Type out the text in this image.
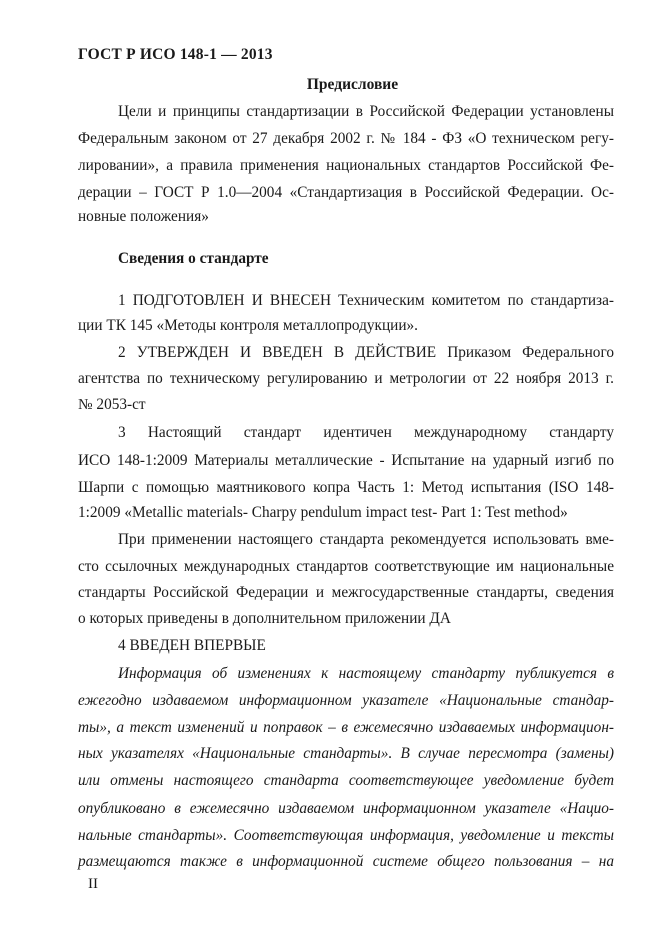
ГОСТ Р ИСО 148-1 — 2013
Предисловие
Цели и принципы стандартизации в Российской Федерации установлены
Федеральным законом от 27 декабря 2002 г. № 184 - ФЗ «О техническом регу-
лировании», а правила применения национальных стандартов Российской Фе-
дерации – ГОСТ Р 1.0—2004 «Стандартизация в Российской Федерации. Ос-
новные положения»
Сведения о стандарте
1 ПОДГОТОВЛЕН И ВНЕСЕН Техническим комитетом по стандартиза-
ции ТК 145 «Методы контроля металлопродукции».
2 УТВЕРЖДЕН И ВВЕДЕН В ДЕЙСТВИЕ Приказом Федерального
агентства по техническому регулированию и метрологии от 22 ноября 2013 г.
№ 2053-ст
3 Настоящий стандарт идентичен международному стандарту
ИСО 148-1:2009 Материалы металлические - Испытание на ударный изгиб по
Шарпи с помощью маятникового копра Часть 1: Метод испытания (ISO 148-
1:2009 «Metallic materials- Charpy pendulum impact test- Part 1: Test method»
При применении настоящего стандарта рекомендуется использовать вме-
сто ссылочных международных стандартов соответствующие им национальные
стандарты Российской Федерации и межгосударственные стандарты, сведения
о которых приведены в дополнительном приложении ДА
4 ВВЕДЕН ВПЕРВЫЕ
Информация об изменениях к настоящему стандарту публикуется в
ежегодно издаваемом информационном указателе «Национальные стандар-
ты», а текст изменений и поправок – в ежемесячно издаваемых информацион-
ных указателях «Национальные стандарты». В случае пересмотра (замены)
или отмены настоящего стандарта соответствующее уведомление будет
опубликовано в ежемесячно издаваемом информационном указателе «Нацио-
нальные стандарты». Соответствующая информация, уведомление и тексты
размещаются также в информационной системе общего пользования – на
II
